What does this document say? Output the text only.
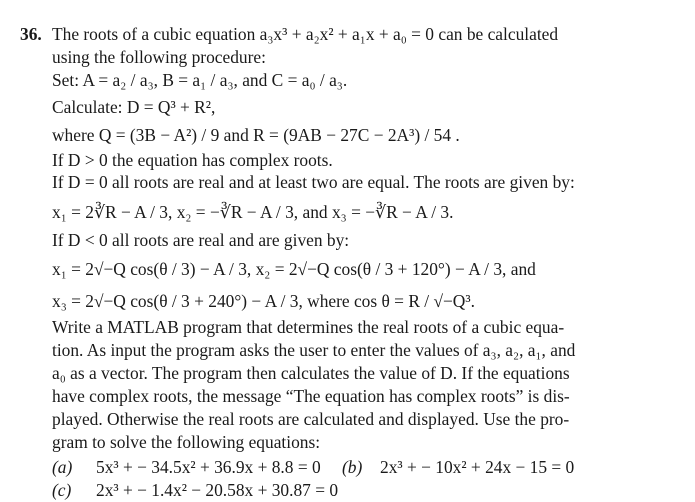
36. The roots of a cubic equation a₃x³ + a₂x² + a₁x + a₀ = 0 can be calculated
using the following procedure:
Set: A = a₂ / a₃, B = a₁ / a₃, and C = a₀ / a₃.
Calculate: D = Q³ + R²,
where Q = (3B − A²) / 9 and R = (9AB − 27C − 2A³) / 54 .
If D > 0 the equation has complex roots.
If D = 0 all roots are real and at least two are equal. The roots are given by:
x₁ = 2∛R − A / 3, x₂ = −∛R − A / 3, and x₃ = −∛R − A / 3.
If D < 0 all roots are real and are given by:
x₁ = 2√−Q cos(θ / 3) − A / 3, x₂ = 2√−Q cos(θ / 3 + 120°) − A / 3, and
x₃ = 2√−Q cos(θ / 3 + 240°) − A / 3, where cos θ = R / √−Q³.
Write a MATLAB program that determines the real roots of a cubic equa-
tion. As input the program asks the user to enter the values of a₃, a₂, a₁, and
a₀ as a vector. The program then calculates the value of D. If the equations
have complex roots, the message “The equation has complex roots” is dis-
played. Otherwise the real roots are calculated and displayed. Use the pro-
gram to solve the following equations:
(a) 5x³ + − 34.5x² + 36.9x + 8.8 = 0 (b) 2x³ + − 10x² + 24x − 15 = 0
(c) 2x³ + − 1.4x² − 20.58x + 30.87 = 0
